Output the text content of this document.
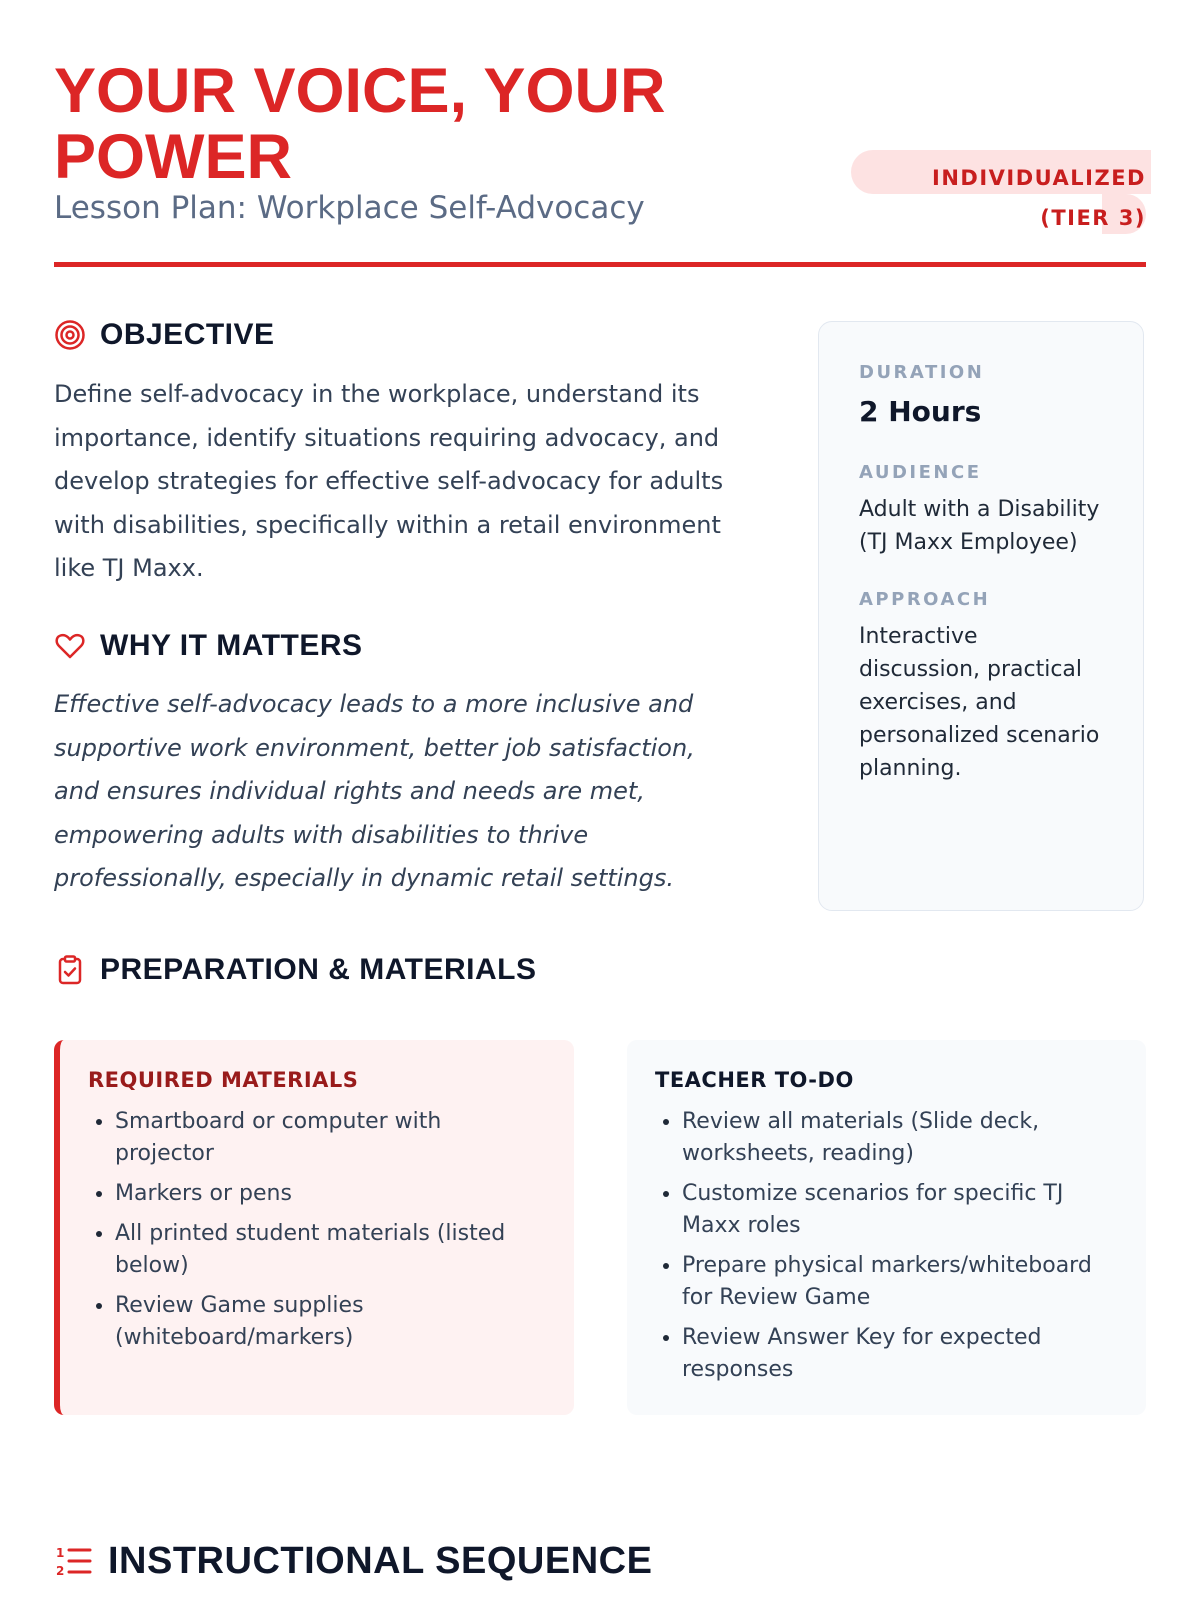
YOUR VOICE, YOUR POWER
Lesson Plan: Workplace Self-Advocacy
INDIVIDUALIZED (TIER 3)
OBJECTIVE

Define self-advocacy in the workplace, understand its importance, identify situations requiring advocacy, and develop strategies for effective self-advocacy for adults with disabilities, specifically within a retail environment like TJ Maxx.

WHY IT MATTERS

Effective self-advocacy leads to a more inclusive and supportive work environment, better job satisfaction, and ensures individual rights and needs are met, empowering adults with disabilities to thrive professionally, especially in dynamic retail settings.

DURATION

2 Hours

AUDIENCE

Adult with a Disability (TJ Maxx Employee)

APPROACH

Interactive discussion, practical exercises, and personalized scenario planning.

PREPARATION & MATERIALS
REQUIRED MATERIALS
• Smartboard or computer with projector
• Markers or pens
• All printed student materials (listed below)
• Review Game supplies (whiteboard/markers)
TEACHER TO-DO
• Review all materials (Slide deck, worksheets, reading)
• Customize scenarios for specific TJ Maxx roles
• Prepare physical markers/whiteboard for Review Game
• Review Answer Key for expected responses
1
2 INSTRUCTIONAL SEQUENCE
